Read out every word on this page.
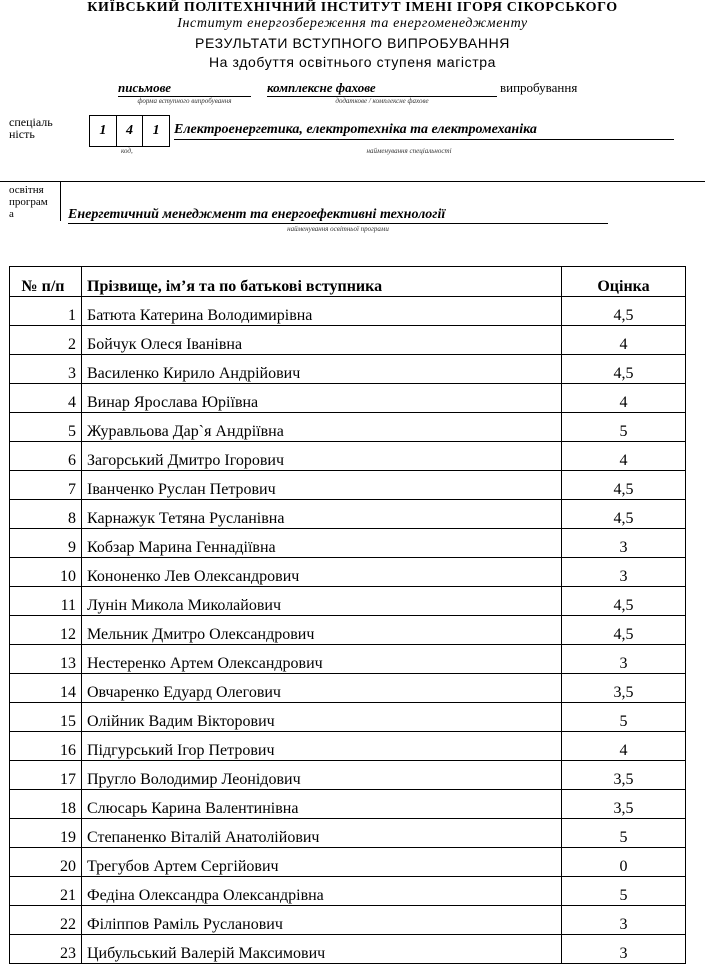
КИЇВСЬКИЙ ПОЛІТЕХНІЧНИЙ ІНСТИТУТ ІМЕНІ ІГОРЯ СІКОРСЬКОГО
Інститут енергозбереження та енергоменеджменту
РЕЗУЛЬТАТИ ВСТУПНОГО ВИПРОБУВАННЯ
На здобуття освітнього ступеня магістра
письмове
форма вступного випробування
комплексне фахове
додаткове / комплексне фахове
випробування
спеціальність	1	4	1	Електроенергетика, електротехніка та електромеханіка
код,	найменування спеціальності
освітня програма	Енергетичний менеджмент та енергоефективні технології
найменування освітньої програми
№ п/п	Прізвище, ім’я та по батькові вступника	Оцінка
1	Батюта Катерина Володимирівна	4,5
2	Бойчук Олеся Іванівна	4
3	Василенко Кирило Андрійович	4,5
4	Винар Ярослава Юріївна	4
5	Журавльова Дар`я Андріївна	5
6	Загорський Дмитро Ігорович	4
7	Іванченко Руслан Петрович	4,5
8	Карнажук Тетяна Русланівна	4,5
9	Кобзар Марина Геннадіївна	3
10	Кононенко Лев Олександрович	3
11	Лунін Микола Миколайович	4,5
12	Мельник Дмитро Олександрович	4,5
13	Нестеренко Артем Олександрович	3
14	Овчаренко Едуард Олегович	3,5
15	Олійник Вадим Вікторович	5
16	Підгурський Ігор Петрович	4
17	Пругло Володимир Леонідович	3,5
18	Слюсарь Карина Валентинівна	3,5
19	Степаненко Віталій Анатолійович	5
20	Трегубов Артем Сергійович	0
21	Федіна Олександра Олександрівна	5
22	Філіппов Раміль Русланович	3
23	Цибульський Валерій Максимович	3
